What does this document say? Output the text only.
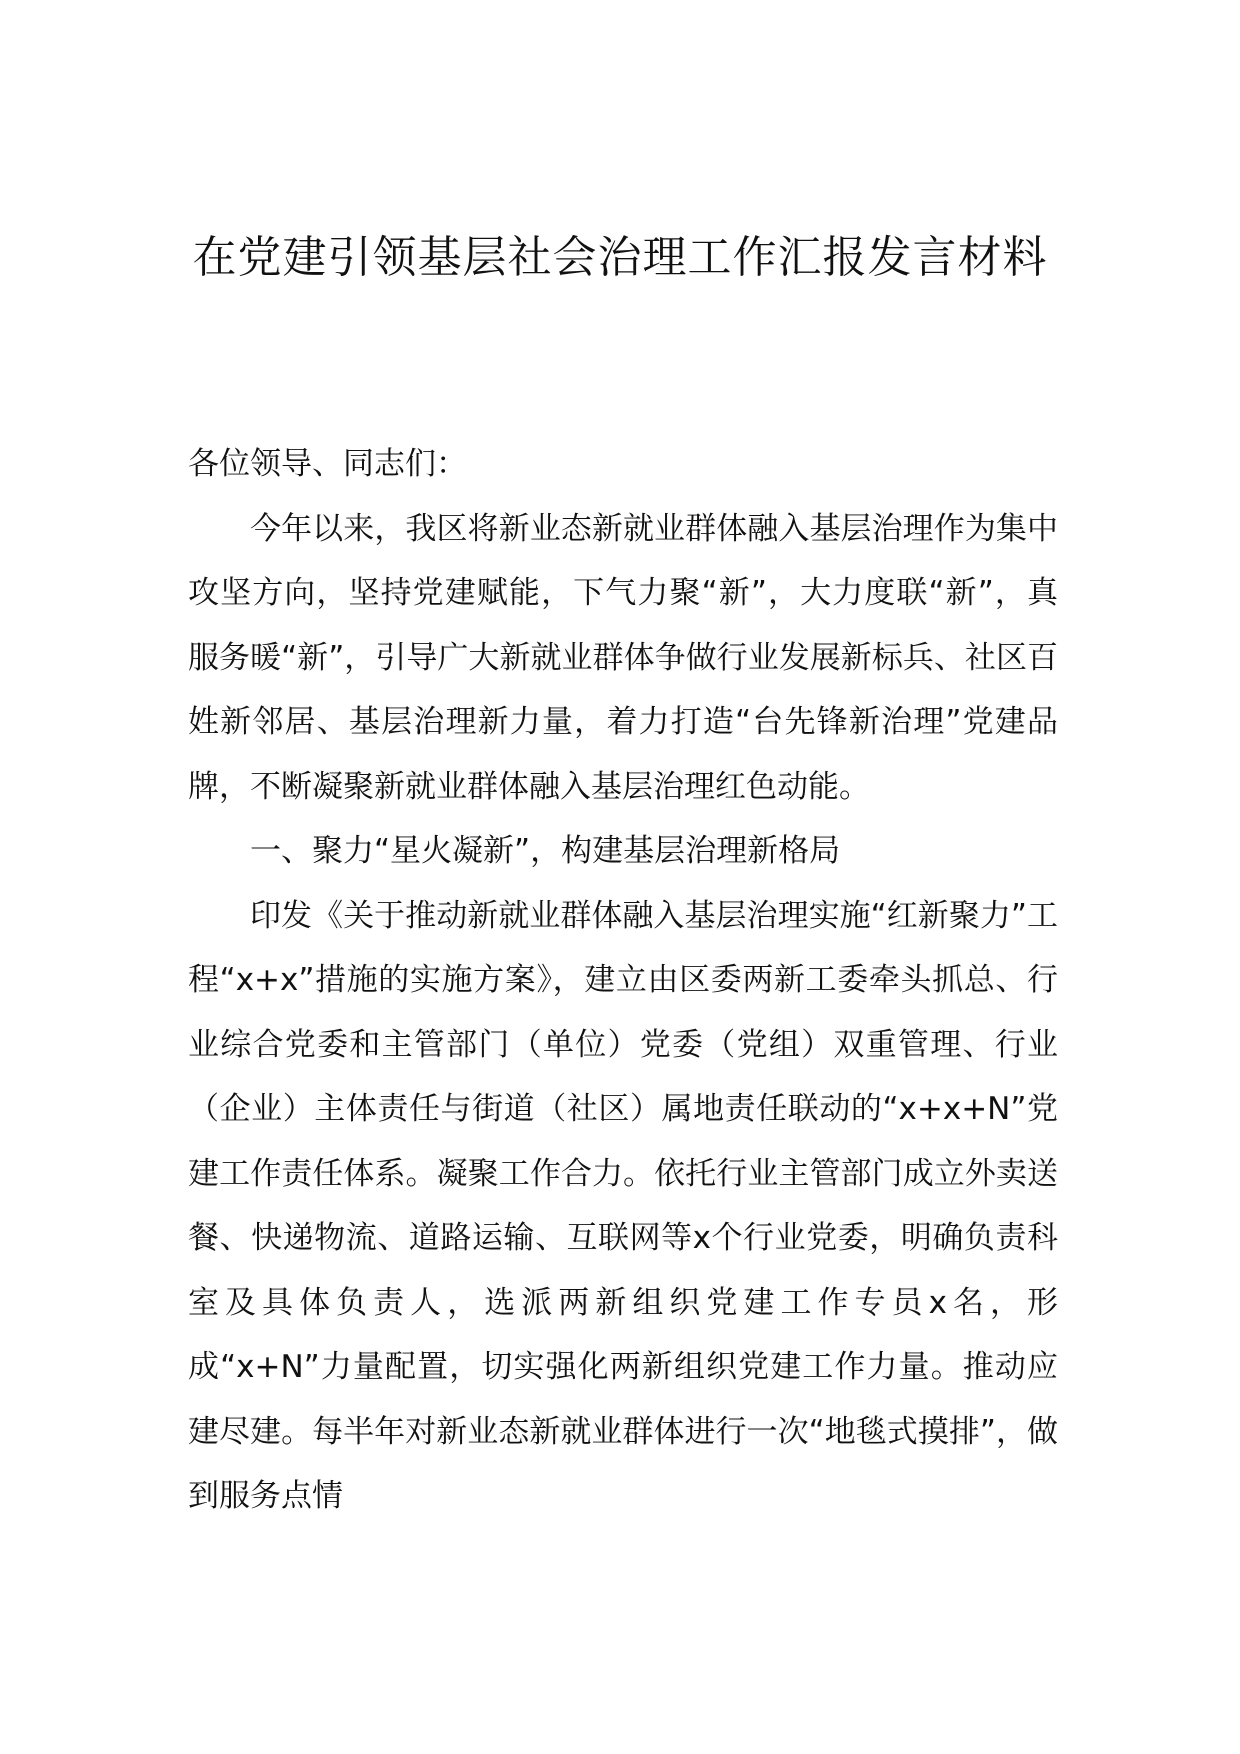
在党建引领基层社会治理工作汇报发言材料

各位领导、同志们：

今年以来，我区将新业态新就业群体融入基层治理作为集中攻坚方向，坚持党建赋能，下气力聚“新”，大力度联“新”，真服务暖“新”，引导广大新就业群体争做行业发展新标兵、社区百姓新邻居、基层治理新力量，着力打造“台先锋新治理”党建品牌，不断凝聚新就业群体融入基层治理红色动能。

一、聚力“星火凝新”，构建基层治理新格局

印发《关于推动新就业群体融入基层治理实施“红新聚力”工程“x+x”措施的实施方案》，建立由区委两新工委牵头抓总、行业综合党委和主管部门（单位）党委（党组）双重管理、行业（企业）主体责任与街道（社区）属地责任联动的“x+x+N”党建工作责任体系。凝聚工作合力。依托行业主管部门成立外卖送餐、快递物流、道路运输、互联网等x个行业党委，明确负责科室及具体负责人，选派两新组织党建工作专员x名，形成“x+N”力量配置，切实强化两新组织党建工作力量。推动应建尽建。每半年对新业态新就业群体进行一次“地毯式摸排”，做到服务点情
